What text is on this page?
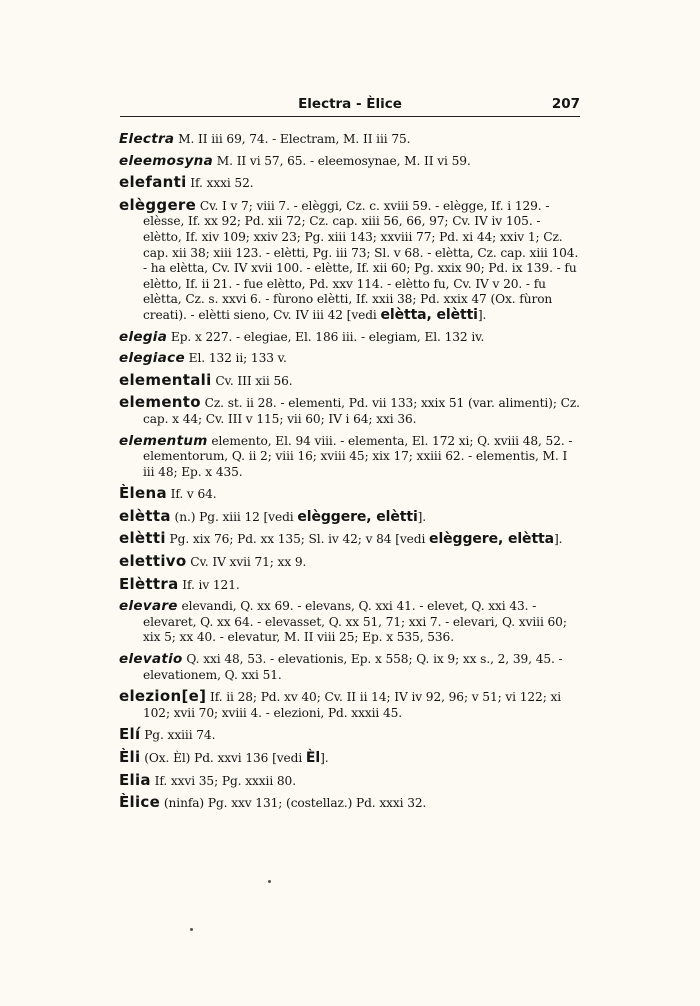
Electra - Èlice	207

Electra M. II iii 69, 74. - Electram, M. II iii 75.

eleemosyna M. II vi 57, 65. - eleemosynae, M. II vi 59.

elefanti If. xxxi 52.

elèggere Cv. I v 7; viii 7. - elèggi, Cz. c. xviii 59. - elègge, If. i 129. - elèsse, If. xx 92; Pd. xii 72; Cz. cap. xiii 56, 66, 97; Cv. IV iv 105. - elètto, If. xiv 109; xxiv 23; Pg. xiii 143; xxviii 77; Pd. xi 44; xxiv 1; Cz. cap. xii 38; xiii 123. - elètti, Pg. iii 73; Sl. v 68. - elètta, Cz. cap. xiii 104. - ha elètta, Cv. IV xvii 100. - elètte, If. xii 60; Pg. xxix 90; Pd. ix 139. - fu elètto, If. ii 21. - fue elètto, Pd. xxv 114. - elètto fu, Cv. IV v 20. - fu elètta, Cz. s. xxvi 6. - fùrono elètti, If. xxii 38; Pd. xxix 47 (Ox. fùron creati). - elètti sieno, Cv. IV iii 42 [vedi elètta, elètti].

elegia Ep. x 227. - elegiae, El. 186 iii. - elegiam, El. 132 iv.

elegiace El. 132 ii; 133 v.

elementali Cv. III xii 56.

elemento Cz. st. ii 28. - elementi, Pd. vii 133; xxix 51 (var. alimenti); Cz. cap. x 44; Cv. III v 115; vii 60; IV i 64; xxi 36.

elementum elemento, El. 94 viii. - elementa, El. 172 xi; Q. xviii 48, 52. - elementorum, Q. ii 2; viii 16; xviii 45; xix 17; xxiii 62. - elementis, M. I iii 48; Ep. x 435.

Èlena If. v 64.

elètta (n.) Pg. xiii 12 [vedi elèggere, elètti].

elètti Pg. xix 76; Pd. xx 135; Sl. iv 42; v 84 [vedi elèggere, elètta].

elettivo Cv. IV xvii 71; xx 9.

Elèttra If. iv 121.

elevare elevandi, Q. xx 69. - elevans, Q. xxi 41. - elevet, Q. xxi 43. - elevaret, Q. xx 64. - elevasset, Q. xx 51, 71; xxi 7. - elevari, Q. xviii 60; xix 5; xx 40. - elevatur, M. II viii 25; Ep. x 535, 536.

elevatio Q. xxi 48, 53. - elevationis, Ep. x 558; Q. ix 9; xx s., 2, 39, 45. - elevationem, Q. xxi 51.

elezion[e] If. ii 28; Pd. xv 40; Cv. II ii 14; IV iv 92, 96; v 51; vi 122; xi 102; xvii 70; xviii 4. - elezioni, Pd. xxxii 45.

Elí Pg. xxiii 74.

Èli (Ox. Èl) Pd. xxvi 136 [vedi Èl].

Elia If. xxvi 35; Pg. xxxii 80.

Èlice (ninfa) Pg. xxv 131; (costellaz.) Pd. xxxi 32.
